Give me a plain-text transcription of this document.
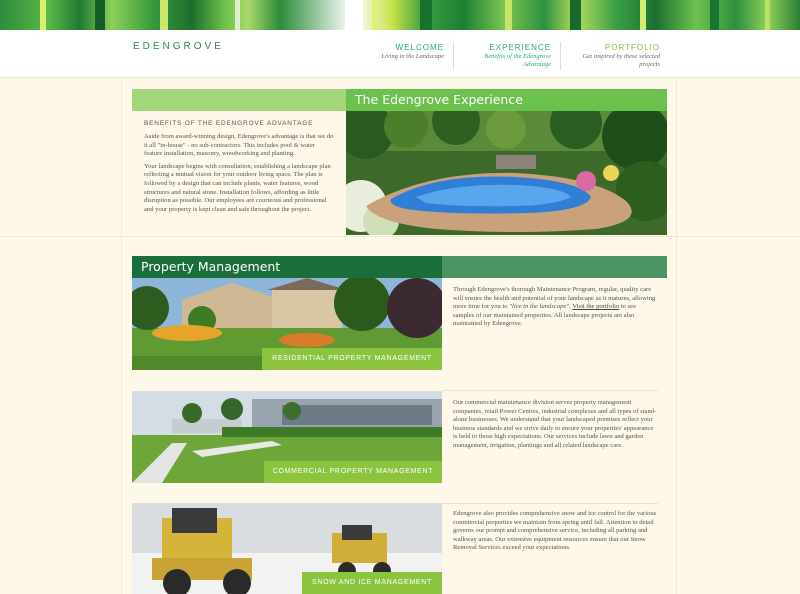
EDENGROVE	WELCOME
Living in the Landscape
EXPERIENCE
Benefits of the Edengrove Advantage
PORTFOLIO
Get inspired by these selected projects
The Edengrove Experience
BENEFITS OF THE EDENGROVE ADVANTAGE

Aside from award-winning design, Edengrove's advantage is that we do it all "in-house" - no sub-contractors. This includes pool & water feature installation, masonry, woodworking and planting.

Your landscape begins with consultation, establishing a landscape plan reflecting a mutual vision for your outdoor living space. The plan is followed by a design that can include plants, water features, wood structures and natural stone. Installation follows, affording as little disruption as possible. Our employees are courteous and professional and your property is kept clean and safe throughout the project.

Property Management
RESIDENTIAL PROPERTY MANAGEMENT
Through Edengrove's thorough Maintenance Program, regular, quality care will ensure the health and potential of your landscape as it matures, allowing more time for you to "live in the landscape". Visit the portfolio to see samples of our maintained properties. All landscape projects are also maintained by Edengrove.
COMMERCIAL PROPERTY MANAGEMENT
Our commercial maintenance division serves property management companies, retail Power Centres, industrial complexes and all types of stand-alone businesses. We understand that your landscaped premises reflect your business standards and we strive daily to ensure your properties' appearance is held to those high expectations. Our services include lawn and garden management, irrigation, plantings and all related landscape care.
SNOW AND ICE MANAGEMENT
Edengrove also provides comprehensive snow and ice control for the various commercial properties we maintain from spring until fall. Attention to detail governs our prompt and comprehensive service, including all parking and walkway areas. Our extensive equipment resources ensure that our Snow Removal Services exceed your expectations.
